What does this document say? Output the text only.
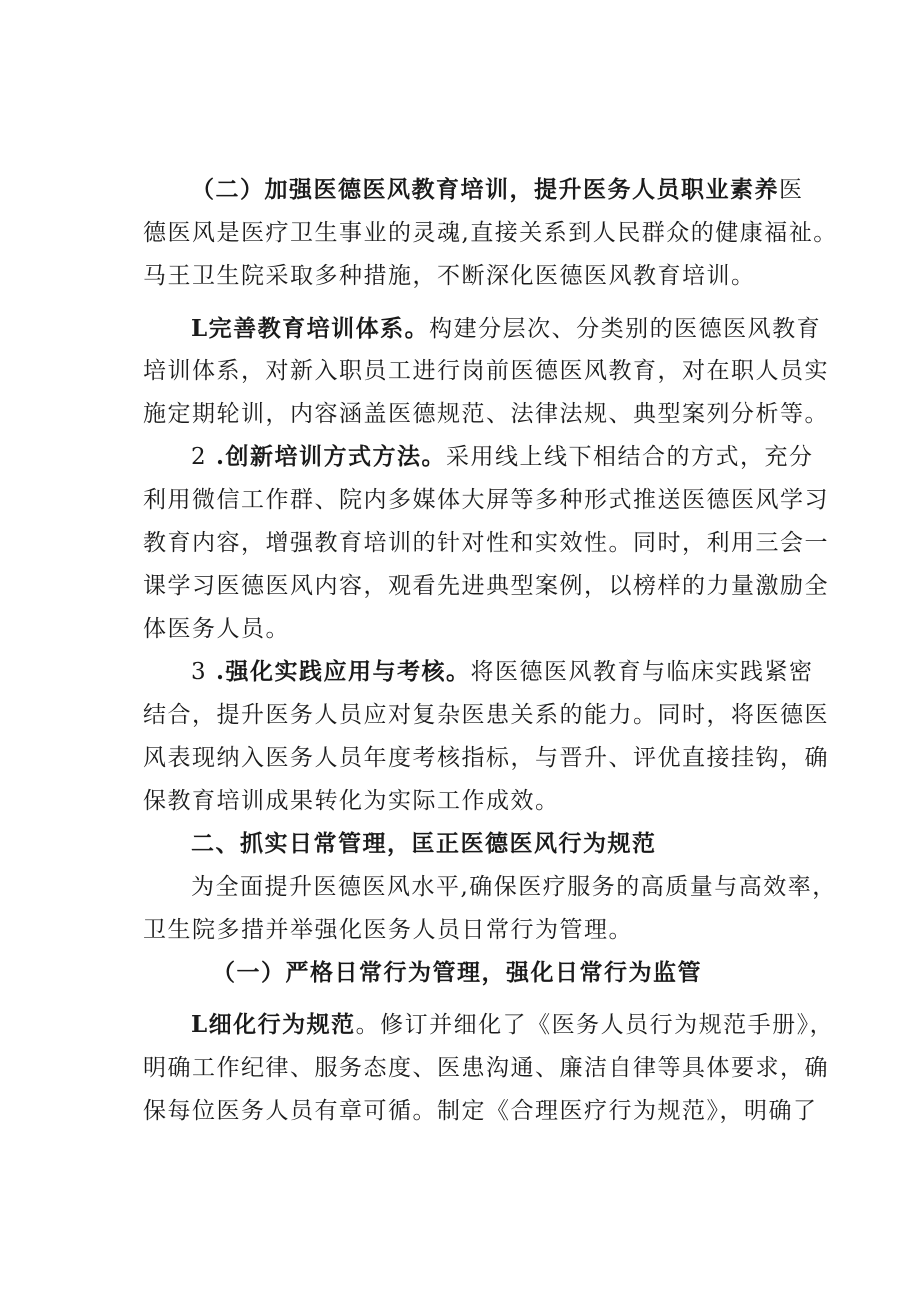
（二）加强医德医风教育培训，提升医务人员职业素养医
德医风是医疗卫生事业的灵魂,直接关系到人民群众的健康福祉。
马王卫生院采取多种措施，不断深化医德医风教育培训。
L完善教育培训体系。构建分层次、分类别的医德医风教育
培训体系，对新入职员工进行岗前医德医风教育，对在职人员实
施定期轮训，内容涵盖医德规范、法律法规、典型案列分析等。
2 .创新培训方式方法。采用线上线下相结合的方式，充分
利用微信工作群、院内多媒体大屏等多种形式推送医德医风学习
教育内容，增强教育培训的针对性和实效性。同时，利用三会一
课学习医德医风内容，观看先进典型案例，以榜样的力量激励全
体医务人员。
3 .强化实践应用与考核。将医德医风教育与临床实践紧密
结合，提升医务人员应对复杂医患关系的能力。同时，将医德医
风表现纳入医务人员年度考核指标，与晋升、评优直接挂钩，确
保教育培训成果转化为实际工作成效。
二、抓实日常管理，匡正医德医风行为规范
为全面提升医德医风水平,确保医疗服务的高质量与高效率，
卫生院多措并举强化医务人员日常行为管理。
（一）严格日常行为管理，强化日常行为监管
L细化行为规范。修订并细化了《医务人员行为规范手册》，
明确工作纪律、服务态度、医患沟通、廉洁自律等具体要求，确
保每位医务人员有章可循。制定《合理医疗行为规范》，明确了
